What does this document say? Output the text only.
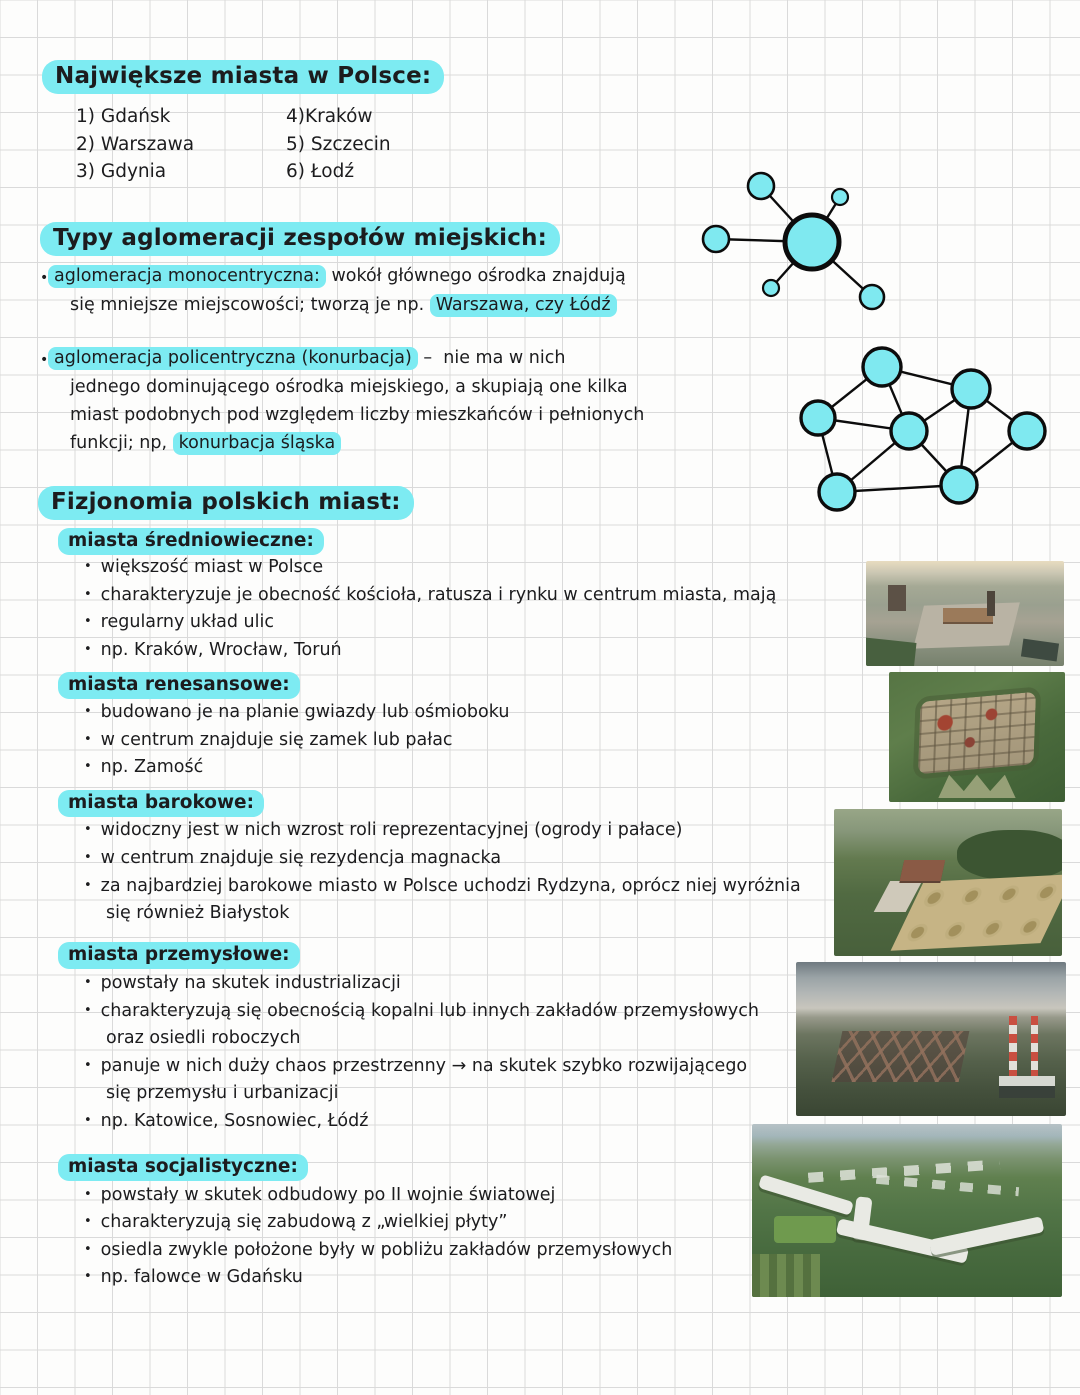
Największe miasta w Polsce:
1) Gdańsk
2) Warszawa
3) Gdynia
4)Kraków
5) Szczecin
6) Łodź
Typy aglomeracji zespołów miejskich:
• aglomeracja monocentryczna: wokół głównego ośrodka znajdują
się mniejsze miejscowości; tworzą je np. Warszawa, czy Łódź
• aglomeracja policentryczna (konurbacja) –  nie ma w nich
jednego dominującego ośrodka miejskiego, a skupiają one kilka
miast podobnych pod względem liczby mieszkańców i pełnionych
funkcji; np, konurbacja śląska
Fizjonomia polskich miast:
miasta średniowieczne:
• większość miast w Polsce
• charakteryzuje je obecność kościoła, ratusza i rynku w centrum miasta, mają
• regularny układ ulic
• np. Kraków, Wrocław, Toruń
miasta renesansowe:
• budowano je na planie gwiazdy lub ośmioboku
• w centrum znajduje się zamek lub pałac
• np. Zamość
miasta barokowe:
• widoczny jest w nich wzrost roli reprezentacyjnej (ogrody i pałace)
• w centrum znajduje się rezydencja magnacka
• za najbardziej barokowe miasto w Polsce uchodzi Rydzyna, oprócz niej wyróżnia
się również Białystok
miasta przemysłowe:
• powstały na skutek industrializacji
• charakteryzują się obecnością kopalni lub innych zakładów przemysłowych
oraz osiedli roboczych
• panuje w nich duży chaos przestrzenny → na skutek szybko rozwijającego
się przemysłu i urbanizacji
• np. Katowice, Sosnowiec, Łódź
miasta socjalistyczne:
• powstały w skutek odbudowy po II wojnie światowej
• charakteryzują się zabudową z „wielkiej płyty”
• osiedla zwykle położone były w pobliżu zakładów przemysłowych
• np. falowce w Gdańsku
